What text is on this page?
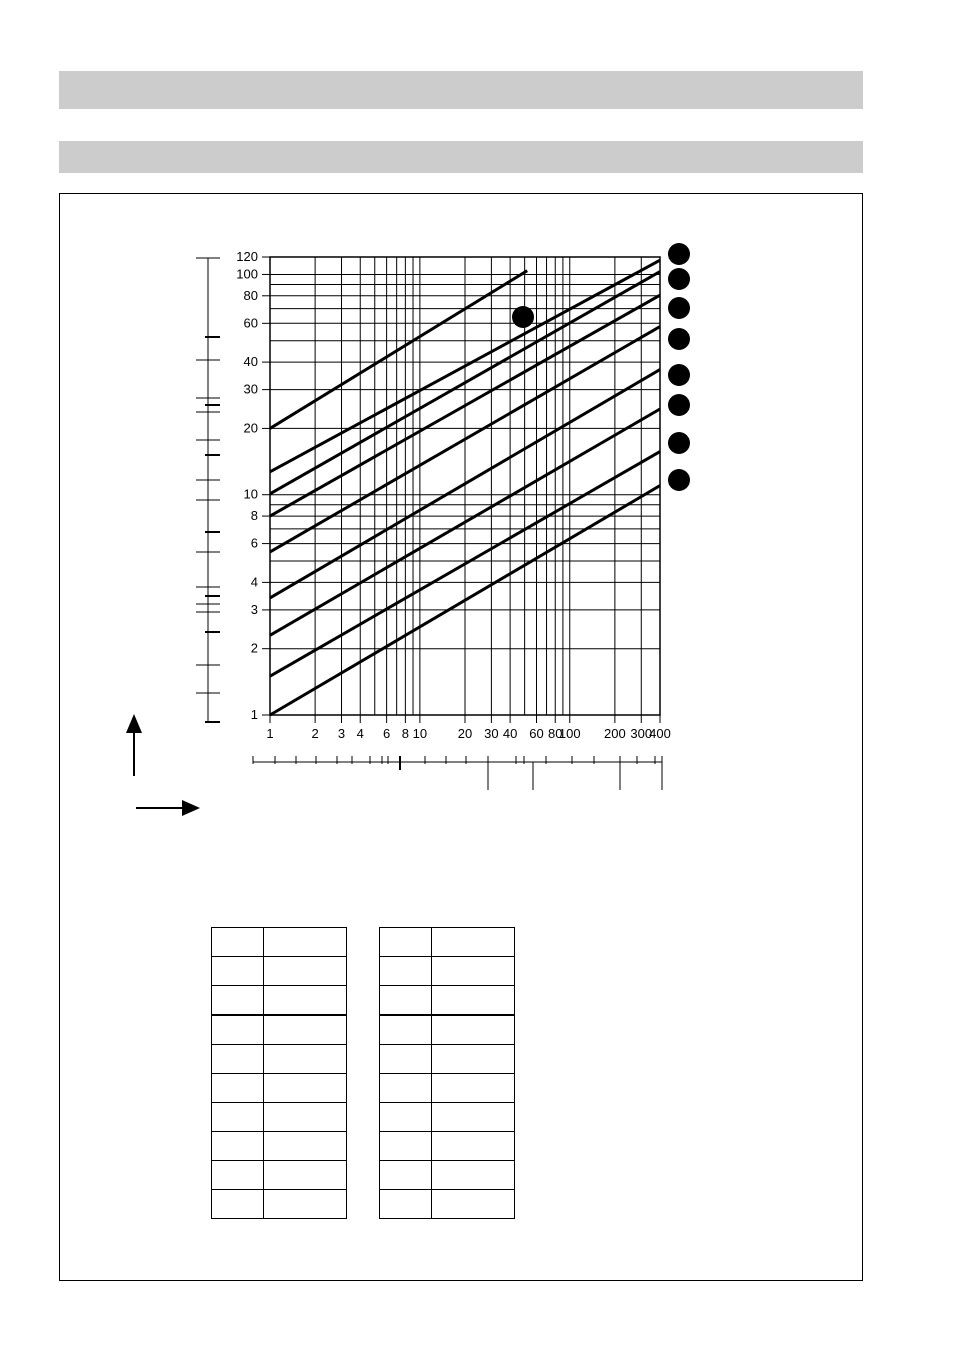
1
2
3
4
6
8
10
20
30
40
60
80
100
120
1	2 3 4 6 8 10 20 30 40 60 80
100 200 300
400
